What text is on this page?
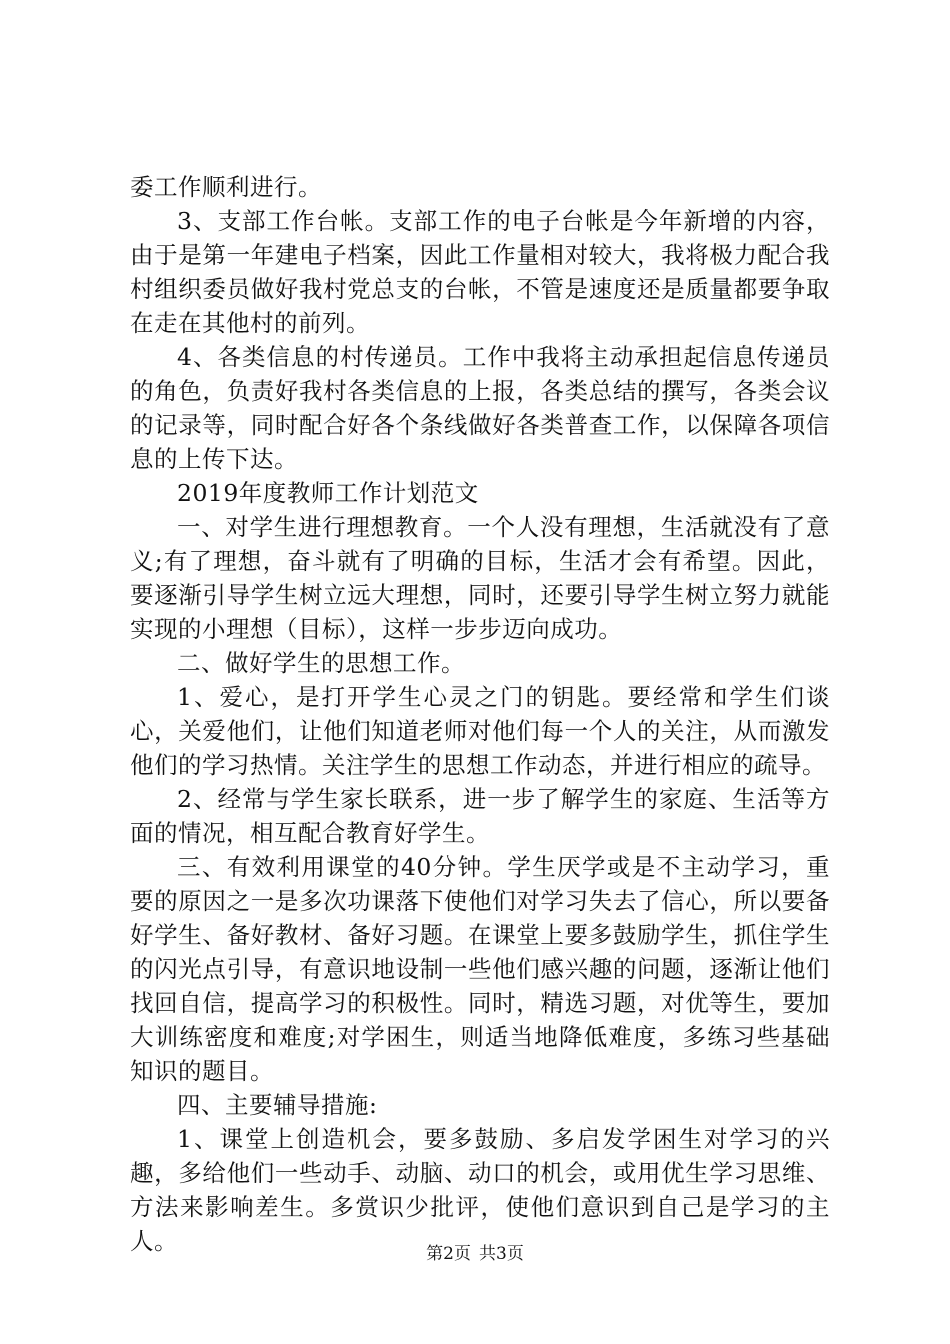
委工作顺利进行。

3、支部工作台帐。支部工作的电子台帐是今年新增的内容，由于是第一年建电子档案，因此工作量相对较大，我将极力配合我村组织委员做好我村党总支的台帐，不管是速度还是质量都要争取在走在其他村的前列。

4、各类信息的村传递员。工作中我将主动承担起信息传递员的角色，负责好我村各类信息的上报，各类总结的撰写，各类会议的记录等，同时配合好各个条线做好各类普查工作，以保障各项信息的上传下达。

2019年度教师工作计划范文

一、对学生进行理想教育。一个人没有理想，生活就没有了意义;有了理想，奋斗就有了明确的目标，生活才会有希望。因此，要逐渐引导学生树立远大理想，同时，还要引导学生树立努力就能实现的小理想（目标），这样一步步迈向成功。

二、做好学生的思想工作。

1、爱心，是打开学生心灵之门的钥匙。要经常和学生们谈心，关爱他们，让他们知道老师对他们每一个人的关注，从而激发他们的学习热情。关注学生的思想工作动态，并进行相应的疏导。

2、经常与学生家长联系，进一步了解学生的家庭、生活等方面的情况，相互配合教育好学生。

三、有效利用课堂的40分钟。学生厌学或是不主动学习，重要的原因之一是多次功课落下使他们对学习失去了信心，所以要备好学生、备好教材、备好习题。在课堂上要多鼓励学生，抓住学生的闪光点引导，有意识地设制一些他们感兴趣的问题，逐渐让他们找回自信，提高学习的积极性。同时，精选习题，对优等生，要加大训练密度和难度;对学困生，则适当地降低难度，多练习些基础知识的题目。

四、主要辅导措施:

1、课堂上创造机会，要多鼓励、多启发学困生对学习的兴趣，多给他们一些动手、动脑、动口的机会，或用优生学习思维、方法来影响差生。多赏识少批评，使他们意识到自己是学习的主人。	第2页 共3页
